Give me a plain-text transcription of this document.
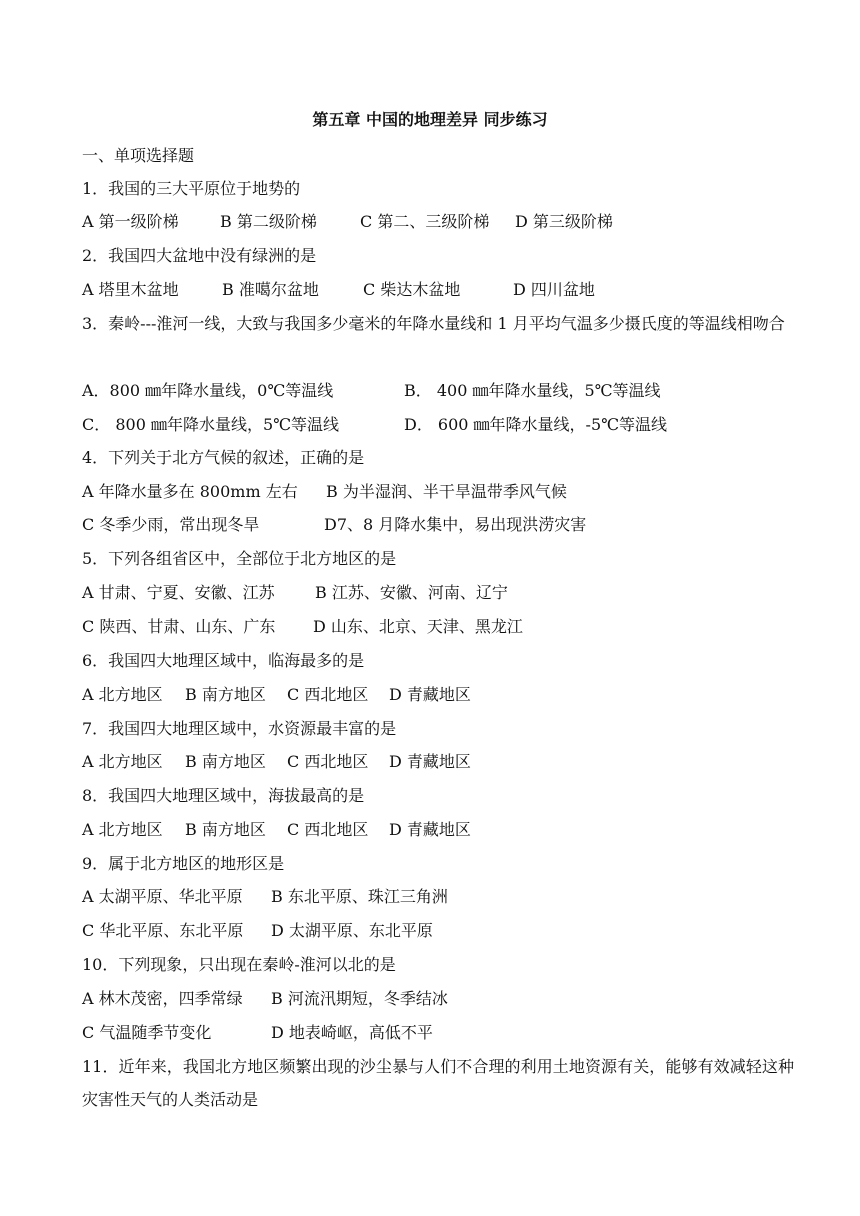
第五章 中国的地理差异 同步练习
一、单项选择题
1．我国的三大平原位于地势的
A 第一级阶梯	B 第二级阶梯	C 第二、三级阶梯 D 第三级阶梯
2．我国四大盆地中没有绿洲的是
A 塔里木盆地	B 准噶尔盆地	C 柴达木盆地	D 四川盆地
3．秦岭---淮河一线，大致与我国多少毫米的年降水量线和 1 月平均气温多少摄氏度的等温线相吻合
A．800 ㎜年降水量线，0℃等温线	B． 400 ㎜年降水量线，5℃等温线
C． 800 ㎜年降水量线，5℃等温线	D． 600 ㎜年降水量线，-5℃等温线
4．下列关于北方气候的叙述，正确的是
A 年降水量多在 800mm 左右 B 为半湿润、半干旱温带季风气候
C 冬季少雨，常出现冬旱	D7、8 月降水集中，易出现洪涝灾害
5．下列各组省区中，全部位于北方地区的是
A 甘肃、宁夏、安徽、江苏	B 江苏、安徽、河南、辽宁
C 陕西、甘肃、山东、广东 D 山东、北京、天津、黑龙江
6．我国四大地理区域中，临海最多的是
A 北方地区 B 南方地区 C 西北地区 D 青藏地区
7．我国四大地理区域中，水资源最丰富的是
A 北方地区 B 南方地区 C 西北地区 D 青藏地区
8．我国四大地理区域中，海拔最高的是
A 北方地区 B 南方地区 C 西北地区 D 青藏地区
9．属于北方地区的地形区是
A 太湖平原、华北平原 B 东北平原、珠江三角洲
C 华北平原、东北平原 D 太湖平原、东北平原
10．下列现象，只出现在秦岭-淮河以北的是
A 林木茂密，四季常绿 B 河流汛期短，冬季结冰
C 气温随季节变化	D 地表崎岖，高低不平
11．近年来，我国北方地区频繁出现的沙尘暴与人们不合理的利用土地资源有关，能够有效减轻这种灾害性天气的人类活动是
